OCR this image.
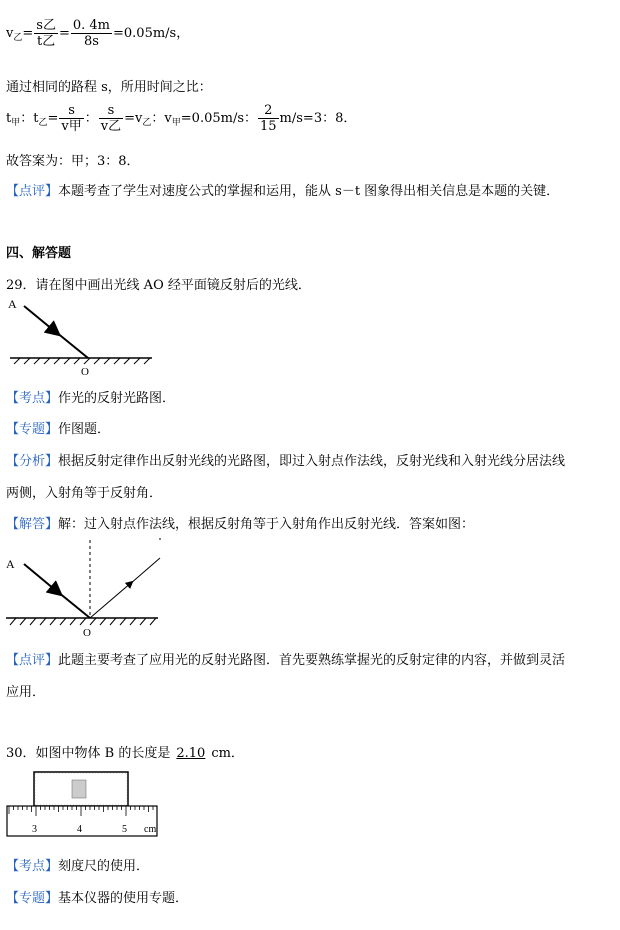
$v_乙= \frac{\text{s乙}}{\text{t乙}} = \frac{0. 4m}{8s} =0.05m/s$，
通过相同的路程 s，所用时间之比：
$t_甲$：$t_乙= \frac{s}{\text{v甲}}$ ： $\frac{s}{\text{v乙}} =v_乙$：$v_甲=0.05m/s$： $\frac{2}{15} m/s=3$：8．
故答案为：甲；3：8．
【点评】本题考查了学生对速度公式的掌握和运用，能从 s－t 图象得出相关信息是本题的关键．
四、解答题
29．请在图中画出光线 AO 经平面镜反射后的光线．
A
O
【考点】作光的反射光路图．
【专题】作图题．
【分析】根据反射定律作出反射光线的光路图，即过入射点作法线，反射光线和入射光线分居法线
两侧，入射角等于反射角．
【解答】解：过入射点作法线，根据反射角等于入射角作出反射光线．答案如图：
A
O
【点评】此题主要考查了应用光的反射光路图．首先要熟练掌握光的反射定律的内容，并做到灵活
应用．
30．如图中物体 B 的长度是 2.10 cm．
3	4	5 cm
【考点】刻度尺的使用．
【专题】基本仪器的使用专题．
